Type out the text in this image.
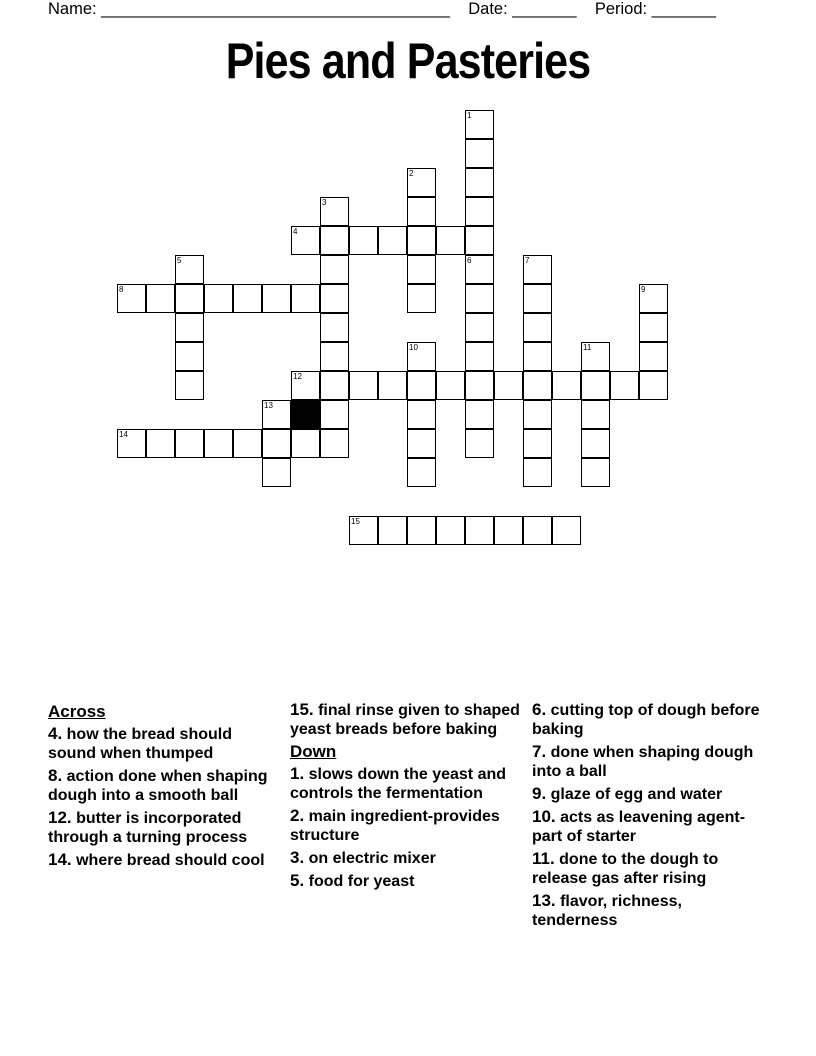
Name: ______________________________________ Date: _______ Period: _______
Pies and Pasteries
1
2
3
4
5	6	7
8	9
10	11
12
13
14
15
Across
4. how the bread should sound when thumped
8. action done when shaping dough into a smooth ball
12. butter is incorporated through a turning process
14. where bread should cool
15. final rinse given to shaped yeast breads before baking
Down
1. slows down the yeast and controls the fermentation
2. main ingredient-provides structure
3. on electric mixer
5. food for yeast
6. cutting top of dough before baking
7. done when shaping dough into a ball
9. glaze of egg and water
10. acts as leavening agent- part of starter
11. done to the dough to release gas after rising
13. flavor, richness, tenderness
